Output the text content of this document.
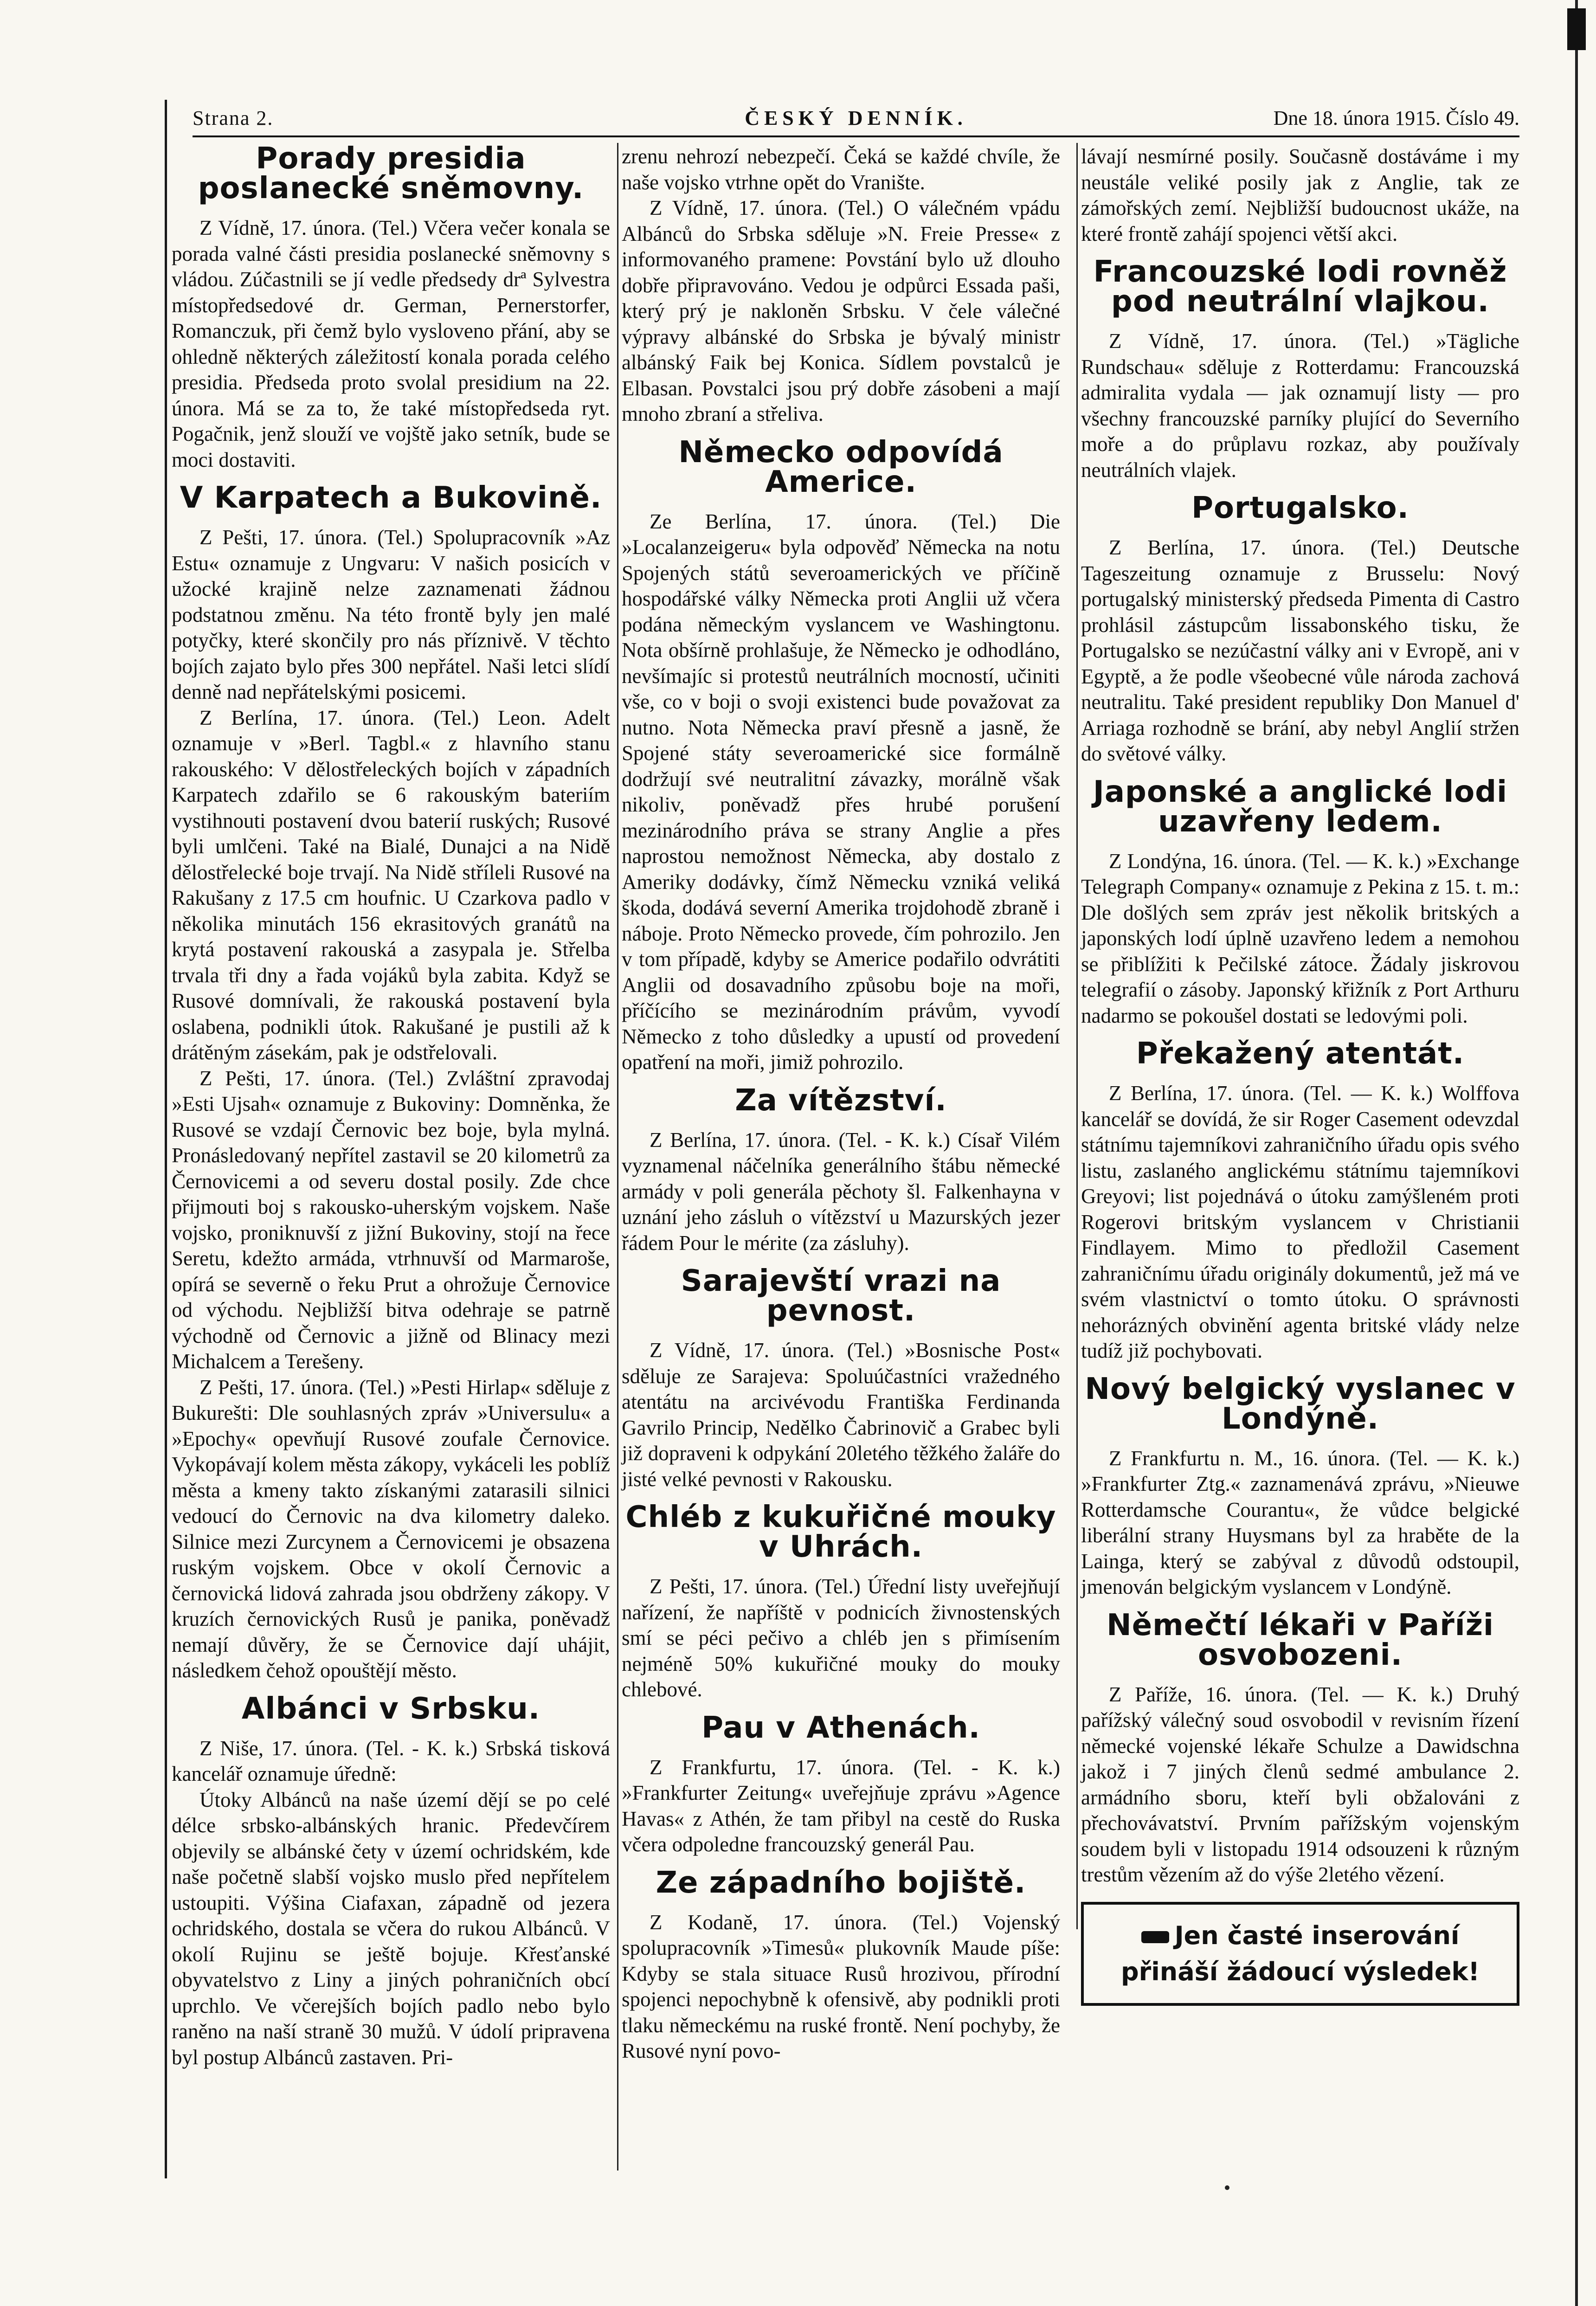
Strana 2.	ČESKÝ DENNÍK.	Dne 18. února 1915. Číslo 49.
Porady presidia poslanecké sněmovny.

Z Vídně, 17. února. (Tel.) Včera večer konala se porada valné části presidia poslanecké sněmovny s vládou. Zúčastnili se jí vedle předsedy drª Sylvestra místopředsedové dr. German, Pernerstorfer, Romanczuk, při čemž bylo vysloveno přání, aby se ohledně některých záležitostí konala porada celého presidia. Předseda proto svolal presidium na 22. února. Má se za to, že také místopředseda ryt. Pogačnik, jenž slouží ve vojště jako setník, bude se moci dostaviti.

V Karpatech a Bukovině.

Z Pešti, 17. února. (Tel.) Spolupracovník »Az Estu« oznamuje z Ungvaru: V našich posicích v užocké krajině nelze zaznamenati žádnou podstatnou změnu. Na této frontě byly jen malé potyčky, které skončily pro nás příznivě. V těchto bojích zajato bylo přes 300 nepřátel. Naši letci slídí denně nad nepřátelskými posicemi.

Z Berlína, 17. února. (Tel.) Leon. Adelt oznamuje v »Berl. Tagbl.« z hlavního stanu rakouského: V dělostřeleckých bojích v západních Karpatech zdařilo se 6 rakouským bateriím vystihnouti postavení dvou baterií ruských; Rusové byli umlčeni. Také na Bialé, Dunajci a na Nidě dělostřelecké boje trvají. Na Nidě stříleli Rusové na Rakušany z 17.5 cm houfnic. U Czarkova padlo v několika minutách 156 ekrasitových granátů na krytá postavení rakouská a zasypala je. Střelba trvala tři dny a řada vojáků byla zabita. Když se Rusové domnívali, že rakouská postavení byla oslabena, podnikli útok. Rakušané je pustili až k drátěným zásekám, pak je odstřelovali.

Z Pešti, 17. února. (Tel.) Zvláštní zpravodaj »Esti Ujsah« oznamuje z Bukoviny: Domněnka, že Rusové se vzdají Černovic bez boje, byla mylná. Pronásledovaný nepřítel zastavil se 20 kilometrů za Černovicemi a od severu dostal posily. Zde chce přijmouti boj s rakousko-uherským vojskem. Naše vojsko, proniknuvší z jižní Bukoviny, stojí na řece Seretu, kdežto armáda, vtrhnuvší od Marmaroše, opírá se severně o řeku Prut a ohrožuje Černovice od východu. Nejbližší bitva odehraje se patrně východně od Černovic a jižně od Blinacy mezi Michalcem a Terešeny.

Z Pešti, 17. února. (Tel.) »Pesti Hirlap« sděluje z Bukurešti: Dle souhlasných zpráv »Universulu« a »Epochy« opevňují Rusové zoufale Černovice. Vykopávají kolem města zákopy, vykáceli les poblíž města a kmeny takto získanými zatarasili silnici vedoucí do Černovic na dva kilometry daleko. Silnice mezi Zurcynem a Černovicemi je obsazena ruským vojskem. Obce v okolí Černovic a černovická lidová zahrada jsou obdrženy zákopy. V kruzích černovických Rusů je panika, poněvadž nemají důvěry, že se Černovice dají uhájit, následkem čehož opouštějí město.

Albánci v Srbsku.

Z Niše, 17. února. (Tel. - K. k.) Srbská tisková kancelář oznamuje úředně:

Útoky Albánců na naše území dějí se po celé délce srbsko-albánských hranic. Předevčírem objevily se albánské čety v území ochridském, kde naše početně slabší vojsko muslo před nepřítelem ustoupiti. Výšina Ciafaxan, západně od jezera ochridského, dostala se včera do rukou Albánců. V okolí Rujinu se ještě bojuje. Křesťanské obyvatelstvo z Liny a jiných pohraničních obcí uprchlo. Ve včerejších bojích padlo nebo bylo raněno na naší straně 30 mužů. V údolí pripravena byl postup Albánců zastaven. Pri-

zrenu nehrozí nebezpečí. Čeká se každé chvíle, že naše vojsko vtrhne opět do Vranište.

Z Vídně, 17. února. (Tel.) O válečném vpádu Albánců do Srbska sděluje »N. Freie Presse« z informovaného pramene: Povstání bylo už dlouho dobře připravováno. Vedou je odpůrci Essada paši, který prý je nakloněn Srbsku. V čele válečné výpravy albánské do Srbska je bývalý ministr albánský Faik bej Konica. Sídlem povstalců je Elbasan. Povstalci jsou prý dobře zásobeni a mají mnoho zbraní a střeliva.

Německo odpovídá Americe.

Ze Berlína, 17. února. (Tel.) Die »Localanzeigeru« byla odpověď Německa na notu Spojených států severoamerických ve příčině hospodářské války Německa proti Anglii už včera podána německým vyslancem ve Washingtonu. Nota obšírně prohlašuje, že Německo je odhodláno, nevšímajíc si protestů neutrálních mocností, učiniti vše, co v boji o svoji existenci bude považovat za nutno. Nota Německa praví přesně a jasně, že Spojené státy severoamerické sice formálně dodržují své neutralitní závazky, morálně však nikoliv, poněvadž přes hrubé porušení mezinárodního práva se strany Anglie a přes naprostou nemožnost Německa, aby dostalo z Ameriky dodávky, čímž Německu vzniká veliká škoda, dodává severní Amerika trojdohodě zbraně i náboje. Proto Německo provede, čím pohrozilo. Jen v tom případě, kdyby se Americe podařilo odvrátiti Anglii od dosavadního způsobu boje na moři, příčícího se mezinárodním právům, vyvodí Německo z toho důsledky a upustí od provedení opatření na moři, jimiž pohrozilo.

Za vítězství.

Z Berlína, 17. února. (Tel. - K. k.) Císař Vilém vyznamenal náčelníka generálního štábu německé armády v poli generála pěchoty šl. Falkenhayna v uznání jeho zásluh o vítězství u Mazurských jezer řádem Pour le mérite (za zásluhy).

Sarajevští vrazi na pevnost.

Z Vídně, 17. února. (Tel.) »Bosnische Post« sděluje ze Sarajeva: Spoluúčastníci vražedného atentátu na arcivévodu Františka Ferdinanda Gavrilo Princip, Nedělko Čabrinovič a Grabec byli již dopraveni k odpykání 20letého těžkého žaláře do jisté velké pevnosti v Rakousku.

Chléb z kukuřičné mouky v Uhrách.

Z Pešti, 17. února. (Tel.) Úřední listy uveřejňují nařízení, že napříště v podnicích živnostenských smí se péci pečivo a chléb jen s přimísením nejméně 50% kukuřičné mouky do mouky chlebové.

Pau v Athenách.

Z Frankfurtu, 17. února. (Tel. - K. k.) »Frankfurter Zeitung« uveřejňuje zprávu »Agence Havas« z Athén, že tam přibyl na cestě do Ruska včera odpoledne francouzský generál Pau.

Ze západního bojiště.

Z Kodaně, 17. února. (Tel.) Vojenský spolupracovník »Timesů« plukovník Maude píše: Kdyby se stala situace Rusů hrozivou, přírodní spojenci nepochybně k ofensivě, aby podnikli proti tlaku německému na ruské frontě. Není pochyby, že Rusové nyní povo-

lávají nesmírné posily. Současně dostáváme i my neustále veliké posily jak z Anglie, tak ze zámořských zemí. Nejbližší budoucnost ukáže, na které frontě zahájí spojenci větší akci.

Francouzské lodi rovněž pod neutrální vlajkou.

Z Vídně, 17. února. (Tel.) »Tägliche Rundschau« sděluje z Rotterdamu: Francouzská admiralita vydala — jak oznamují listy — pro všechny francouzské parníky plující do Severního moře a do průplavu rozkaz, aby používaly neutrálních vlajek.

Portugalsko.

Z Berlína, 17. února. (Tel.) Deutsche Tageszeitung oznamuje z Brusselu: Nový portugalský ministerský předseda Pimenta di Castro prohlásil zástupcům lissabonského tisku, že Portugalsko se nezúčastní války ani v Evropě, ani v Egyptě, a že podle všeobecné vůle národa zachová neutralitu. Také president republiky Don Manuel d' Arriaga rozhodně se brání, aby nebyl Anglií stržen do světové války.

Japonské a anglické lodi uzavřeny ledem.

Z Londýna, 16. února. (Tel. — K. k.) »Exchange Telegraph Company« oznamuje z Pekina z 15. t. m.: Dle došlých sem zpráv jest několik britských a japonských lodí úplně uzavřeno ledem a nemohou se přiblížiti k Pečilské zátoce. Žádaly jiskrovou telegrafií o zásoby. Japonský křižník z Port Arthuru nadarmo se pokoušel dostati se ledovými poli.

Překažený atentát.

Z Berlína, 17. února. (Tel. — K. k.) Wolffova kancelář se dovídá, že sir Roger Casement odevzdal státnímu tajemníkovi zahraničního úřadu opis svého listu, zaslaného anglickému státnímu tajemníkovi Greyovi; list pojednává o útoku zamýšleném proti Rogerovi britským vyslancem v Christianii Findlayem. Mimo to předložil Casement zahraničnímu úřadu originály dokumentů, jež má ve svém vlastnictví o tomto útoku. O správnosti nehorázných obvinění agenta britské vlády nelze tudíž již pochybovati.

Nový belgický vyslanec v Londýně.

Z Frankfurtu n. M., 16. února. (Tel. — K. k.) »Frankfurter Ztg.« zaznamenává zprávu, »Nieuwe Rotterdamsche Courantu«, že vůdce belgické liberální strany Huysmans byl za hraběte de la Lainga, který se zabýval z důvodů odstoupil, jmenován belgickým vyslancem v Londýně.

Němečtí lékaři v Paříži osvobozeni.

Z Paříže, 16. února. (Tel. — K. k.) Druhý pařížský válečný soud osvobodil v revisním řízení německé vojenské lékaře Schulze a Dawidschna jakož i 7 jiných členů sedmé ambulance 2. armádního sboru, kteří byli obžalováni z přechovávatství. Prvním pařížským vojenským soudem byli v listopadu 1914 odsouzeni k různým trestům vězením až do výše 2letého vězení.

Jen časté inserování
přináší žádoucí výsledek!
